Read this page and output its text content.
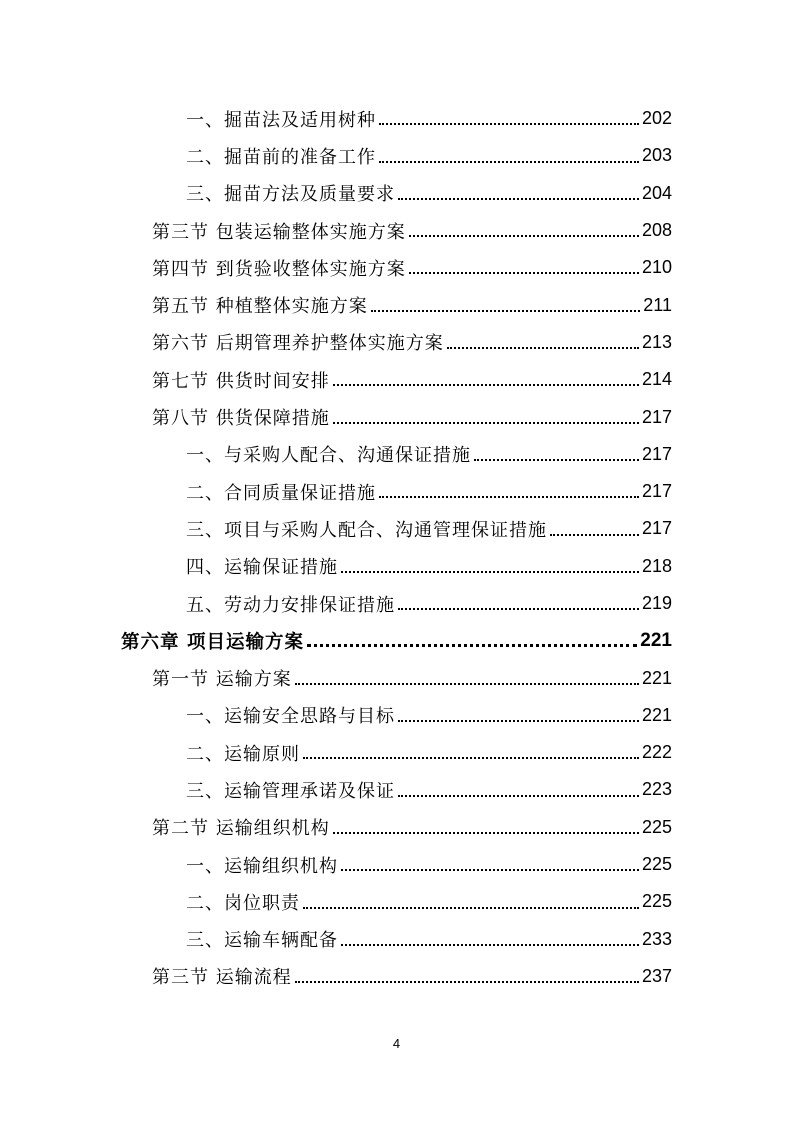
一、掘苗法及适用树种	202
二、掘苗前的准备工作	203
三、掘苗方法及质量要求	204
第三节 包装运输整体实施方案	208
第四节 到货验收整体实施方案	210
第五节 种植整体实施方案	211
第六节 后期管理养护整体实施方案	213
第七节 供货时间安排	214
第八节 供货保障措施	217
一、与采购人配合、沟通保证措施	217
二、合同质量保证措施	217
三、项目与采购人配合、沟通管理保证措施	217
四、运输保证措施	218
五、劳动力安排保证措施	219
第六章 项目运输方案	221
第一节 运输方案	221
一、运输安全思路与目标	221
二、运输原则	222
三、运输管理承诺及保证	223
第二节 运输组织机构	225
一、运输组织机构	225
二、岗位职责	225
三、运输车辆配备	233
第三节 运输流程	237
4
